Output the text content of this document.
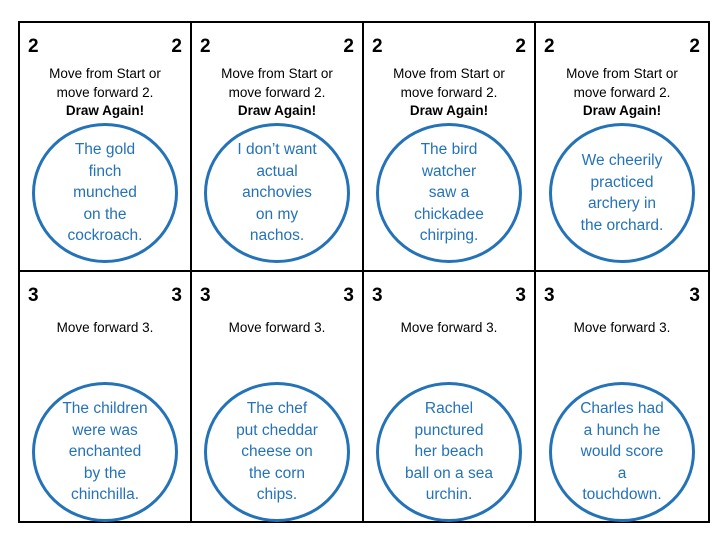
2	2
Move from Start or
move forward 2.
Draw Again!
The gold
finch
munched
on the
cockroach.
2	2
Move from Start or
move forward 2.
Draw Again!
I don’t want
actual
anchovies
on my
nachos.
2	2
Move from Start or
move forward 2.
Draw Again!
The bird
watcher
saw a
chickadee
chirping.
2	2
Move from Start or
move forward 2.
Draw Again!
We cheerily
practiced
archery in
the orchard.
3	3
Move forward 3.
The children
were was
enchanted
by the
chinchilla.
3	3
Move forward 3.
The chef
put cheddar
cheese on
the corn
chips.
3	3
Move forward 3.
Rachel
punctured
her beach
ball on a sea
urchin.
3	3
Move forward 3.
Charles had
a hunch he
would score
a
touchdown.
